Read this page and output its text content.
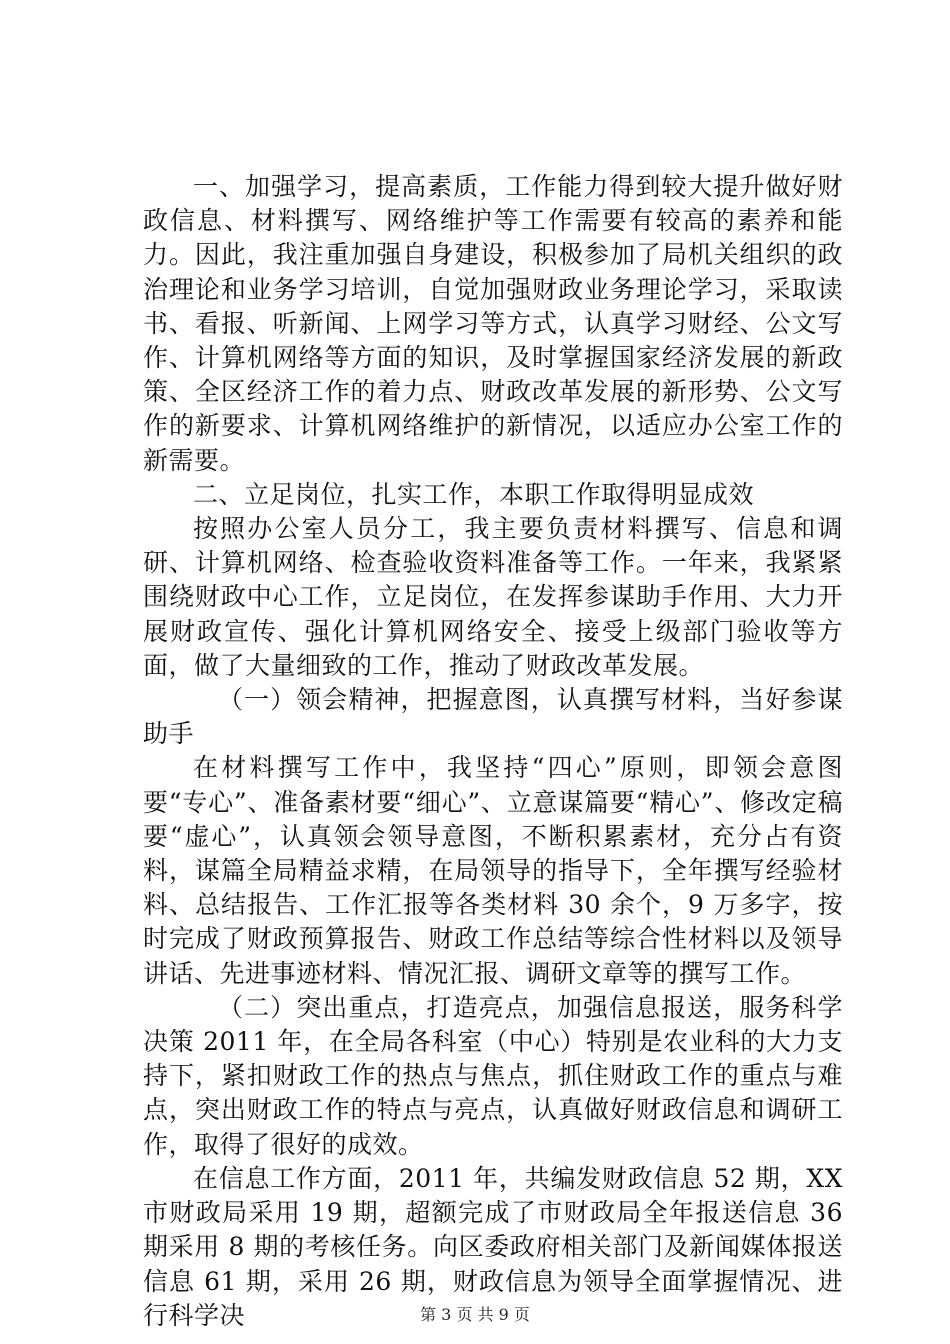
一、加强学习，提高素质，工作能力得到较大提升做好财政信息、材料撰写、网络维护等工作需要有较高的素养和能力。因此，我注重加强自身建设，积极参加了局机关组织的政治理论和业务学习培训，自觉加强财政业务理论学习，采取读书、看报、听新闻、上网学习等方式，认真学习财经、公文写作、计算机网络等方面的知识，及时掌握国家经济发展的新政策、全区经济工作的着力点、财政改革发展的新形势、公文写作的新要求、计算机网络维护的新情况，以适应办公室工作的新需要。

二、立足岗位，扎实工作，本职工作取得明显成效

按照办公室人员分工，我主要负责材料撰写、信息和调研、计算机网络、检查验收资料准备等工作。一年来，我紧紧围绕财政中心工作，立足岗位，在发挥参谋助手作用、大力开展财政宣传、强化计算机网络安全、接受上级部门验收等方面，做了大量细致的工作，推动了财政改革发展。

（一）领会精神，把握意图，认真撰写材料，当好参谋助手

在材料撰写工作中，我坚持“四心”原则，即领会意图要“专心”、准备素材要“细心”、立意谋篇要“精心”、修改定稿要“虚心”，认真领会领导意图，不断积累素材，充分占有资料，谋篇全局精益求精，在局领导的指导下，全年撰写经验材料、总结报告、工作汇报等各类材料 30 余个，9 万多字，按时完成了财政预算报告、财政工作总结等综合性材料以及领导讲话、先进事迹材料、情况汇报、调研文章等的撰写工作。

（二）突出重点，打造亮点，加强信息报送，服务科学决策 2011 年，在全局各科室（中心）特别是农业科的大力支持下，紧扣财政工作的热点与焦点，抓住财政工作的重点与难点，突出财政工作的特点与亮点，认真做好财政信息和调研工作，取得了很好的成效。

在信息工作方面，2011 年，共编发财政信息 52 期，XX 市财政局采用 19 期，超额完成了市财政局全年报送信息 36 期采用 8 期的考核任务。向区委政府相关部门及新闻媒体报送信息 61 期，采用 26 期，财政信息为领导全面掌握情况、进行科学决	第 3 页 共 9 页
